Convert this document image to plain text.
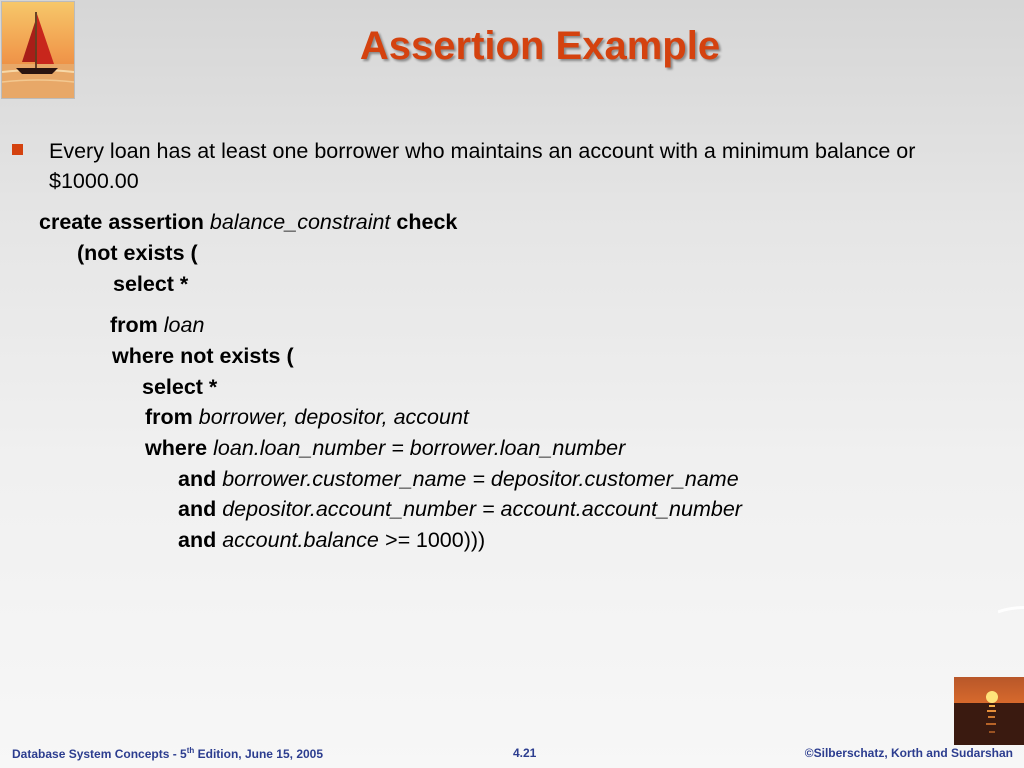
Assertion Example
Every loan has at least one borrower who maintains an account with a minimum balance or $1000.00
create assertion balance_constraint check
(not exists (
select *
from loan
where not exists (
select *
from borrower, depositor, account
where loan.loan_number = borrower.loan_number
and borrower.customer_name = depositor.customer_name
and depositor.account_number = account.account_number
and account.balance >= 1000)))
Database System Concepts - 5th Edition, June 15, 2005	4.21	©Silberschatz, Korth and Sudarshan
